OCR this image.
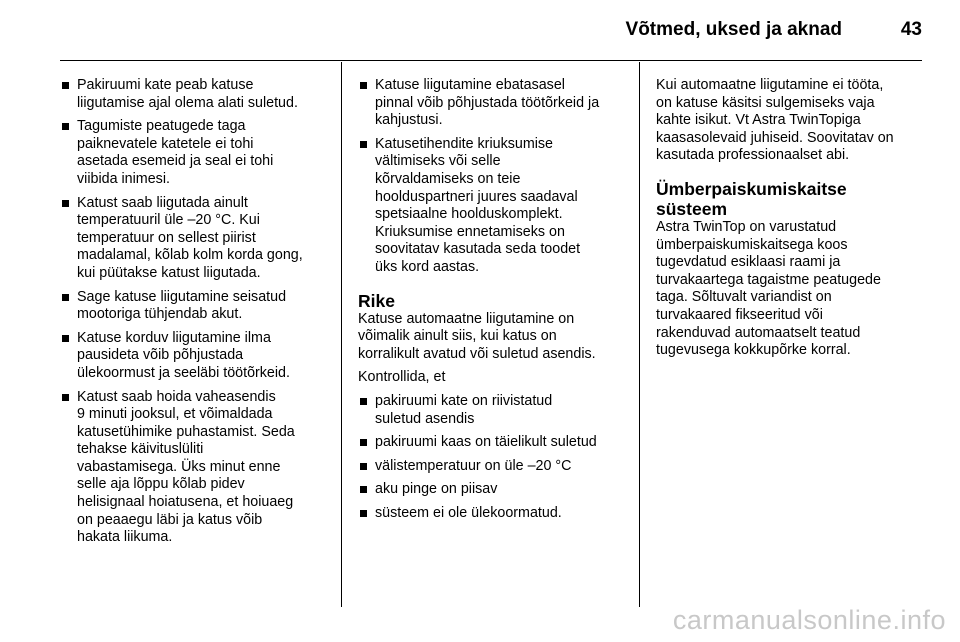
Võtmed, uksed ja aknad	43
Pakiruumi kate peab katuse
liigutamise ajal olema alati suletud.
Tagumiste peatugede taga
paiknevatele katetele ei tohi
asetada esemeid ja seal ei tohi
viibida inimesi.
Katust saab liigutada ainult
temperatuuril üle –20 °C. Kui
temperatuur on sellest piirist
madalamal, kõlab kolm korda gong,
kui püütakse katust liigutada.
Sage katuse liigutamine seisatud
mootoriga tühjendab akut.
Katuse korduv liigutamine ilma
pausideta võib põhjustada
ülekoormust ja seeläbi töötõrkeid.
Katust saab hoida vaheasendis
9 minuti jooksul, et võimaldada
katusetühimike puhastamist. Seda
tehakse käivituslüliti
vabastamisega. Üks minut enne
selle aja lõppu kõlab pidev
helisignaal hoiatusena, et hoiuaeg
on peaaegu läbi ja katus võib
hakata liikuma.
Katuse liigutamine ebatasasel
pinnal võib põhjustada töötõrkeid ja
kahjustusi.
Katusetihendite kriuksumise
vältimiseks või selle
kõrvaldamiseks on teie
hoolduspartneri juures saadaval
spetsiaalne hoolduskomplekt.
Kriuksumise ennetamiseks on
soovitatav kasutada seda toodet
üks kord aastas.
Rike
Katuse automaatne liigutamine on
võimalik ainult siis, kui katus on
korralikult avatud või suletud asendis.
Kontrollida, et
pakiruumi kate on riivistatud
suletud asendis
pakiruumi kaas on täielikult suletud
välistemperatuur on üle –20 °C
aku pinge on piisav
süsteem ei ole ülekoormatud.
Kui automaatne liigutamine ei tööta,
on katuse käsitsi sulgemiseks vaja
kahte isikut. Vt Astra TwinTopiga
kaasasolevaid juhiseid. Soovitatav on
kasutada professionaalset abi.
Ümberpaiskumiskaitse
süsteem
Astra TwinTop on varustatud
ümberpaiskumiskaitsega koos
tugevdatud esiklaasi raami ja
turvakaartega tagaistme peatugede
taga. Sõltuvalt variandist on
turvakaared fikseeritud või
rakenduvad automaatselt teatud
tugevusega kokkupõrke korral.
carmanualsonline.info
